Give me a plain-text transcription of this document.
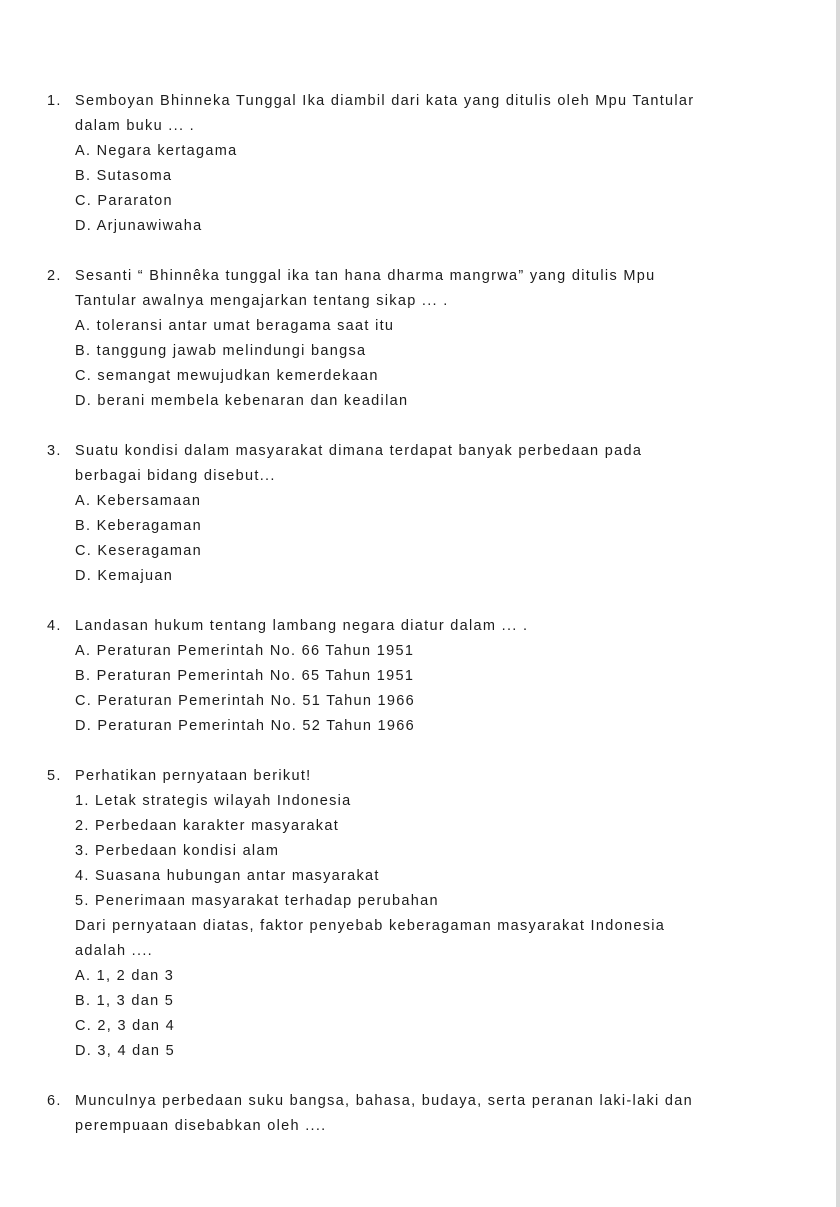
1. Semboyan Bhinneka Tunggal Ika diambil dari kata yang ditulis oleh Mpu Tantular
dalam buku ... .
A. Negara kertagama
B. Sutasoma
C. Pararaton
D. Arjunawiwaha
2. Sesanti “ Bhinnêka tunggal ika tan hana dharma mangrwa” yang ditulis Mpu
Tantular awalnya mengajarkan tentang sikap ... .
A. toleransi antar umat beragama saat itu
B. tanggung jawab melindungi bangsa
C. semangat mewujudkan kemerdekaan
D. berani membela kebenaran dan keadilan
3. Suatu kondisi dalam masyarakat dimana terdapat banyak perbedaan pada
berbagai bidang disebut...
A. Kebersamaan
B. Keberagaman
C. Keseragaman
D. Kemajuan
4. Landasan hukum tentang lambang negara diatur dalam ... .
A. Peraturan Pemerintah No. 66 Tahun 1951
B. Peraturan Pemerintah No. 65 Tahun 1951
C. Peraturan Pemerintah No. 51 Tahun 1966
D. Peraturan Pemerintah No. 52 Tahun 1966
5. Perhatikan pernyataan berikut!
1. Letak strategis wilayah Indonesia
2. Perbedaan karakter masyarakat
3. Perbedaan kondisi alam
4. Suasana hubungan antar masyarakat
5. Penerimaan masyarakat terhadap perubahan
Dari pernyataan diatas, faktor penyebab keberagaman masyarakat Indonesia
adalah ....
A. 1, 2 dan 3
B. 1, 3 dan 5
C. 2, 3 dan 4
D. 3, 4 dan 5
6. Munculnya perbedaan suku bangsa, bahasa, budaya, serta peranan laki-laki dan
perempuaan disebabkan oleh ....
